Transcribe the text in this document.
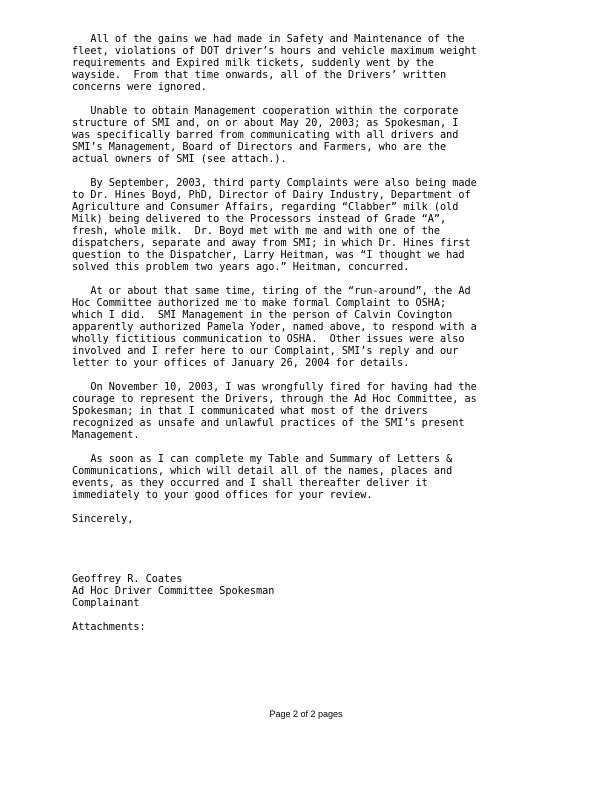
All of the gains we had made in Safety and Maintenance of the
fleet, violations of DOT driver’s hours and vehicle maximum weight
requirements and Expired milk tickets, suddenly went by the
wayside.  From that time onwards, all of the Drivers’ written
concerns were ignored.
Unable to obtain Management cooperation within the corporate
structure of SMI and, on or about May 20, 2003; as Spokesman, I
was specifically barred from communicating with all drivers and
SMI’s Management, Board of Directors and Farmers, who are the
actual owners of SMI (see attach.).
By September, 2003, third party Complaints were also being made
to Dr. Hines Boyd, PhD, Director of Dairy Industry, Department of
Agriculture and Consumer Affairs, regarding “Clabber” milk (old
Milk) being delivered to the Processors instead of Grade “A”,
fresh, whole milk.  Dr. Boyd met with me and with one of the
dispatchers, separate and away from SMI; in which Dr. Hines first
question to the Dispatcher, Larry Heitman, was “I thought we had
solved this problem two years ago.” Heitman, concurred.
At or about that same time, tiring of the “run-around”, the Ad
Hoc Committee authorized me to make formal Complaint to OSHA;
which I did.  SMI Management in the person of Calvin Covington
apparently authorized Pamela Yoder, named above, to respond with a
wholly fictitious communication to OSHA.  Other issues were also
involved and I refer here to our Complaint, SMI’s reply and our
letter to your offices of January 26, 2004 for details.
On November 10, 2003, I was wrongfully fired for having had the
courage to represent the Drivers, through the Ad Hoc Committee, as
Spokesman; in that I communicated what most of the drivers
recognized as unsafe and unlawful practices of the SMI’s present
Management.
As soon as I can complete my Table and Summary of Letters &
Communications, which will detail all of the names, places and
events, as they occurred and I shall thereafter deliver it
immediately to your good offices for your review.
Sincerely,
Geoffrey R. Coates
Ad Hoc Driver Committee Spokesman
Complainant
Attachments:
Page 2 of 2 pages
